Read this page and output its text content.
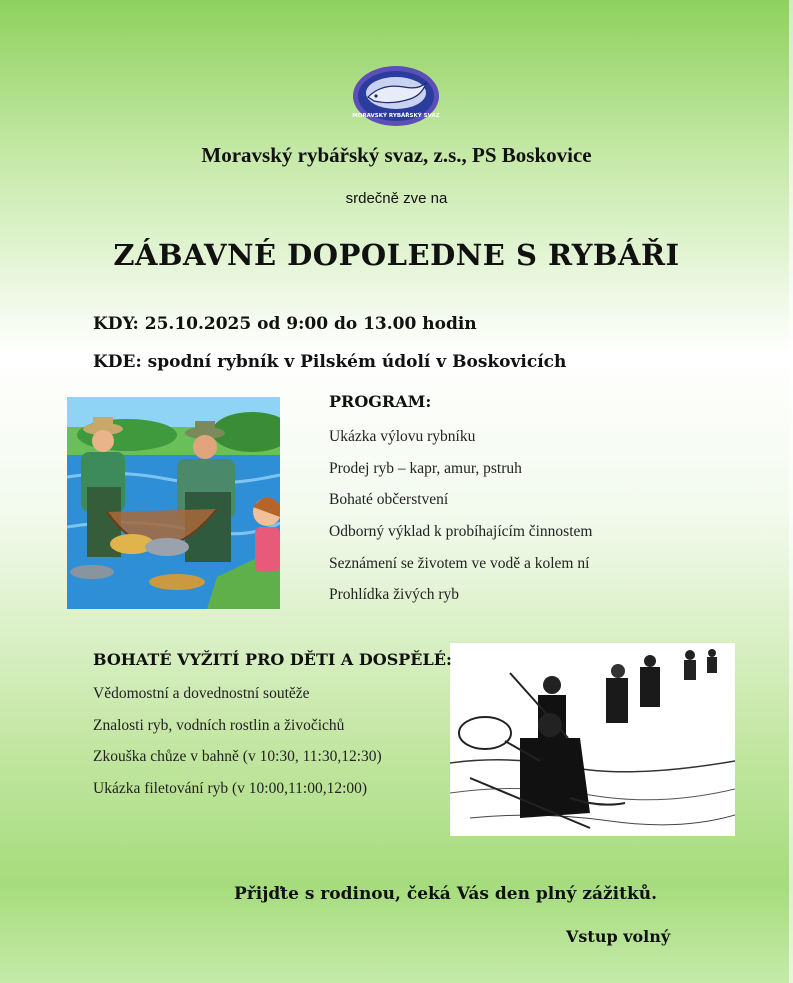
MORAVSKÝ RYBÁŘSKÝ SVAZ
Moravský rybářský svaz, z.s., PS Boskovice
srdečně zve na
ZÁBAVNÉ DOPOLEDNE S RYBÁŘI
KDY: 25.10.2025 od 9:00 do 13.00 hodin
KDE: spodní rybník v Pilském údolí v Boskovicích
PROGRAM:
Ukázka výlovu rybníku
Prodej ryb – kapr, amur, pstruh
Bohaté občerstvení
Odborný výklad k probíhajícím činnostem
Seznámení se životem ve vodě a kolem ní
Prohlídka živých ryb
BOHATÉ VYŽITÍ PRO DĚTI A DOSPĚLÉ:
Vědomostní a dovednostní soutěže
Znalosti ryb, vodních rostlin a živočichů
Zkouška chůze v bahně (v 10:30, 11:30,12:30)
Ukázka filetování ryb (v 10:00,11:00,12:00)
Přijďte s rodinou, čeká Vás den plný zážitků.
Vstup volný
